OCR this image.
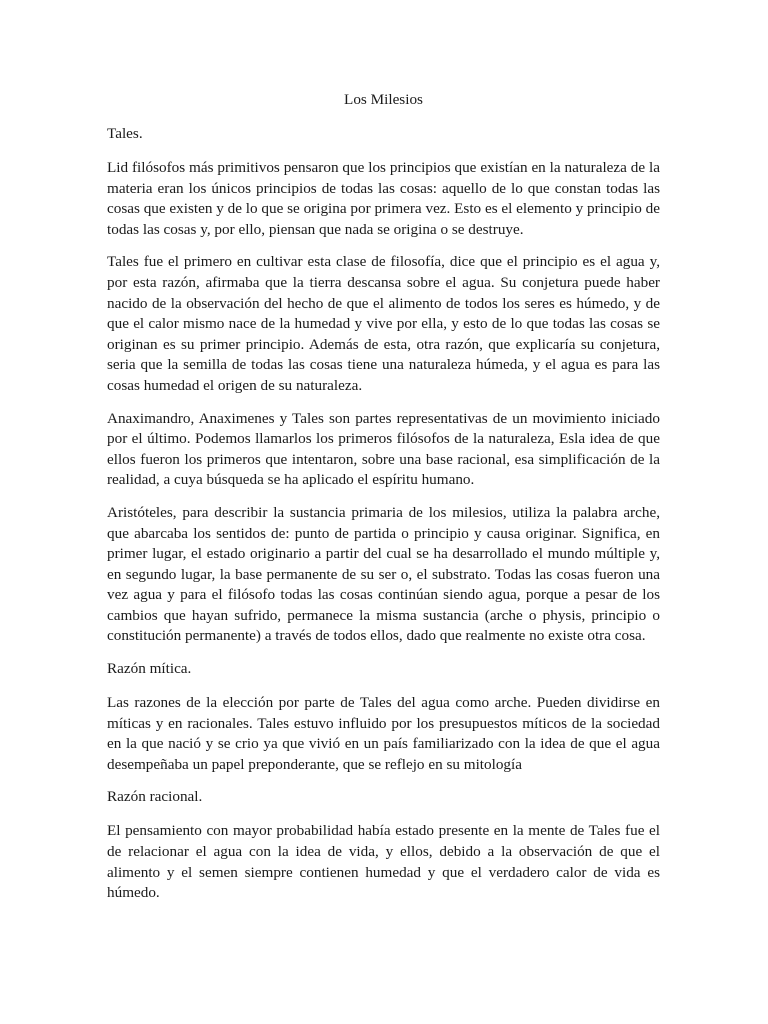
Los Milesios
Tales.

Lid filósofos más primitivos pensaron que los principios que existían en la naturaleza de la materia eran los únicos principios de todas las cosas: aquello de lo que constan todas las cosas que existen y de lo que se origina por primera vez. Esto es el elemento y principio de todas las cosas y, por ello, piensan que nada se origina o se destruye.

Tales fue el primero en cultivar esta clase de filosofía, dice que el principio es el agua y, por esta razón, afirmaba que la tierra descansa sobre el agua. Su conjetura puede haber nacido de la observación del hecho de que el alimento de todos los seres es húmedo, y de que el calor mismo nace de la humedad y vive por ella, y esto de lo que todas las cosas se originan es su primer principio. Además de esta, otra razón, que explicaría su conjetura, seria que la semilla de todas las cosas tiene una naturaleza húmeda, y el agua es para las cosas humedad el origen de su naturaleza.

Anaximandro, Anaximenes y Tales son partes representativas de un movimiento iniciado por el último. Podemos llamarlos los primeros filósofos de la naturaleza, Esla idea de que ellos fueron los primeros que intentaron, sobre una base racional, esa simplificación de la realidad, a cuya búsqueda se ha aplicado el espíritu humano.

Aristóteles, para describir la sustancia primaria de los milesios, utiliza la palabra arche, que abarcaba los sentidos de: punto de partida o principio y causa originar. Significa, en primer lugar, el estado originario a partir del cual se ha desarrollado el mundo múltiple y, en segundo lugar, la base permanente de su ser o, el substrato. Todas las cosas fueron una vez agua y para el filósofo todas las cosas continúan siendo agua, porque a pesar de los cambios que hayan sufrido, permanece la misma sustancia (arche o physis, principio o constitución permanente) a través de todos ellos, dado que realmente no existe otra cosa.

Razón mítica.

Las razones de la elección por parte de Tales del agua como arche. Pueden dividirse en míticas y en racionales. Tales estuvo influido por los presupuestos míticos de la sociedad en la que nació y se crio ya que vivió en un país familiarizado con la idea de que el agua desempeñaba un papel preponderante, que se reflejo en su mitología

Razón racional.

El pensamiento con mayor probabilidad había estado presente en la mente de Tales fue el de relacionar el agua con la idea de vida, y ellos, debido a la observación de que el alimento y el semen siempre contienen humedad y que el verdadero calor de vida es húmedo.
